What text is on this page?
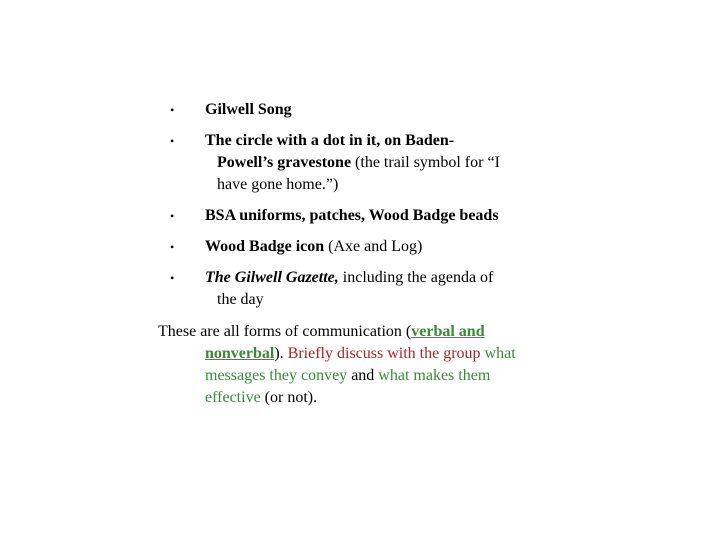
• Gilwell Song
• The circle with a dot in it, on Baden-
Powell’s gravestone (the trail symbol for “I
have gone home.”)
• BSA uniforms, patches, Wood Badge beads
• Wood Badge icon (Axe and Log)
• The Gilwell Gazette, including the agenda of
the day
These are all forms of communication (verbal and
nonverbal). Briefly discuss with the group what
messages they convey and what makes them
effective (or not).
